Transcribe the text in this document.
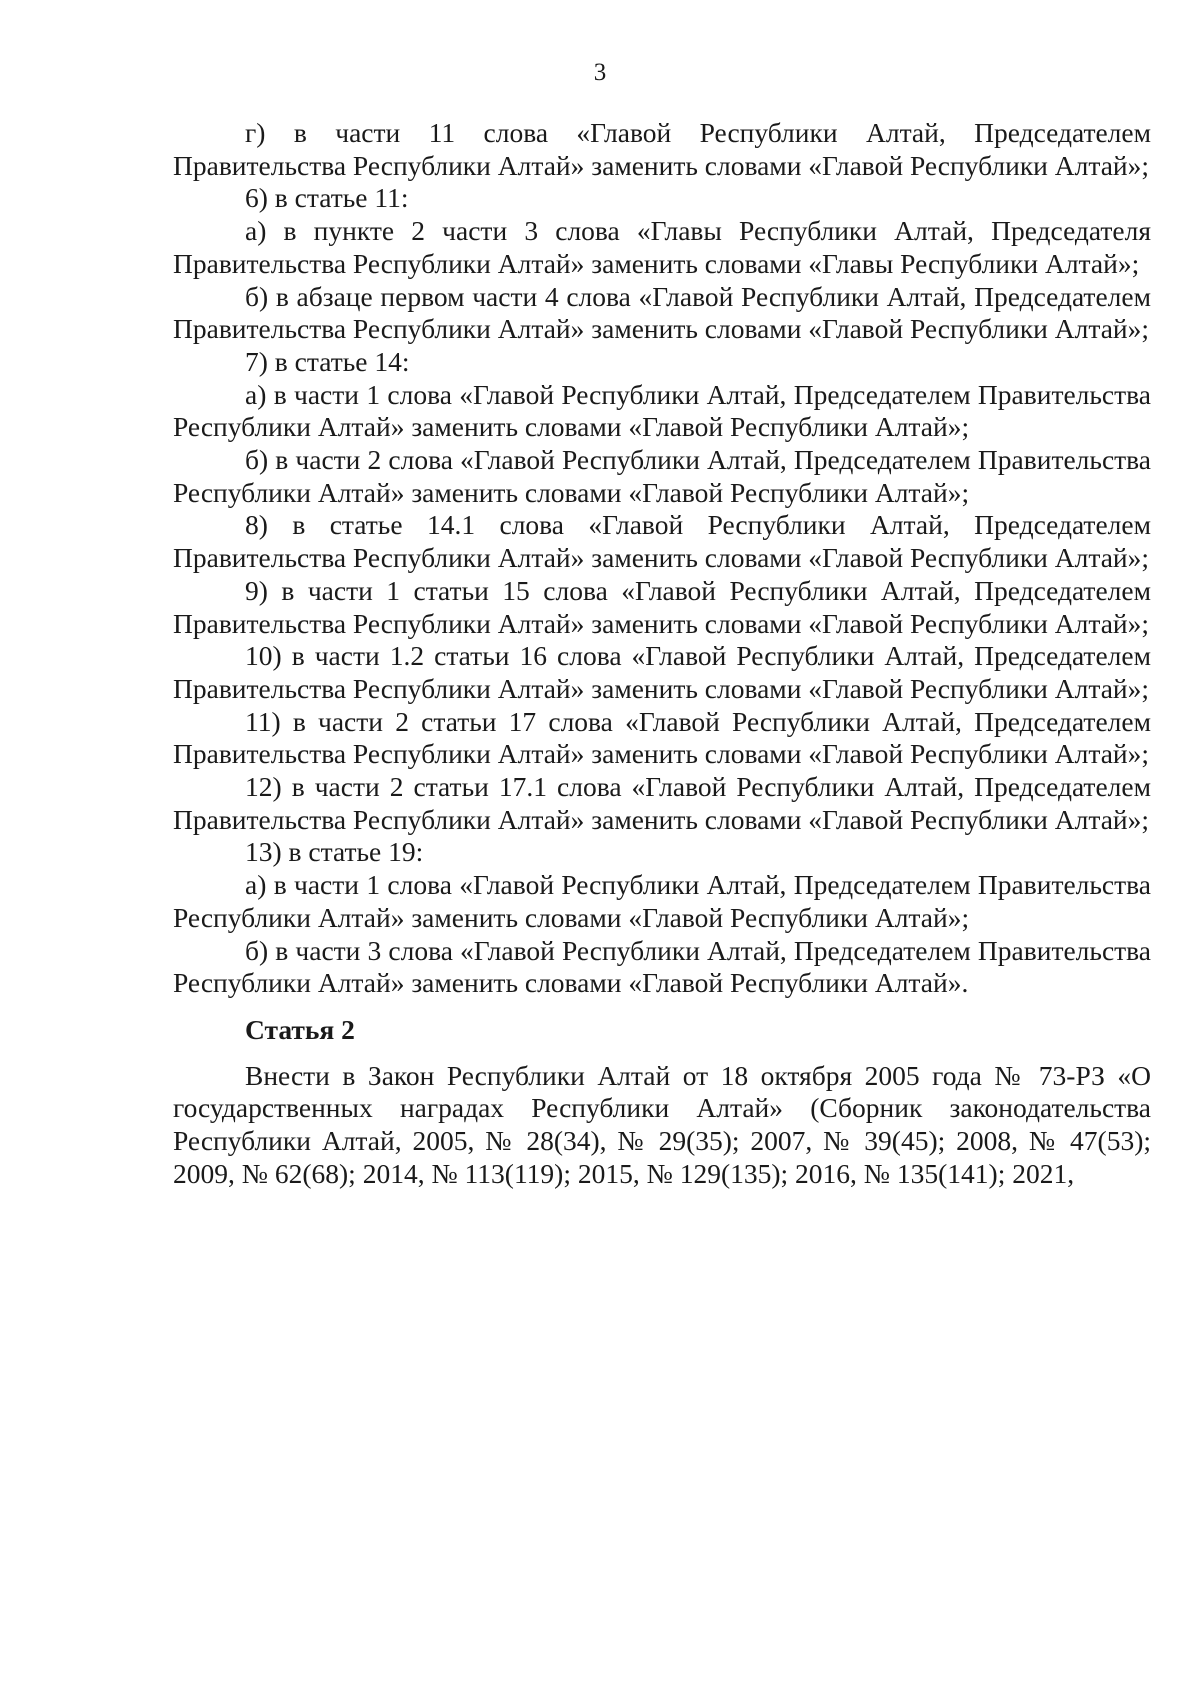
3

г) в части 11 слова «Главой Республики Алтай, Председателем Правительства Республики Алтай» заменить словами «Главой Республики Алтай»;

6) в статье 11:

а) в пункте 2 части 3 слова «Главы Республики Алтай, Председателя Правительства Республики Алтай» заменить словами «Главы Республики Алтай»;

б) в абзаце первом части 4 слова «Главой Республики Алтай, Председателем Правительства Республики Алтай» заменить словами «Главой Республики Алтай»;

7) в статье 14:

а) в части 1 слова «Главой Республики Алтай, Председателем Правительства Республики Алтай» заменить словами «Главой Республики Алтай»;

б) в части 2 слова «Главой Республики Алтай, Председателем Правительства Республики Алтай» заменить словами «Главой Республики Алтай»;

8) в статье 14.1 слова «Главой Республики Алтай, Председателем Правительства Республики Алтай» заменить словами «Главой Республики Алтай»;

9) в части 1 статьи 15 слова «Главой Республики Алтай, Председателем Правительства Республики Алтай» заменить словами «Главой Республики Алтай»;

10) в части 1.2 статьи 16 слова «Главой Республики Алтай, Председателем Правительства Республики Алтай» заменить словами «Главой Республики Алтай»;

11) в части 2 статьи 17 слова «Главой Республики Алтай, Председателем Правительства Республики Алтай» заменить словами «Главой Республики Алтай»;

12) в части 2 статьи 17.1 слова «Главой Республики Алтай, Председателем Правительства Республики Алтай» заменить словами «Главой Республики Алтай»;

13) в статье 19:

а) в части 1 слова «Главой Республики Алтай, Председателем Правительства Республики Алтай» заменить словами «Главой Республики Алтай»;

б) в части 3 слова «Главой Республики Алтай, Председателем Правительства Республики Алтай» заменить словами «Главой Республики Алтай».

Статья 2

Внести в Закон Республики Алтай от 18 октября 2005 года № 73-РЗ «О государственных наградах Республики Алтай» (Сборник законодательства Республики Алтай, 2005, № 28(34), № 29(35); 2007, № 39(45); 2008, № 47(53); 2009, № 62(68); 2014, № 113(119); 2015, № 129(135); 2016, № 135(141); 2021,
